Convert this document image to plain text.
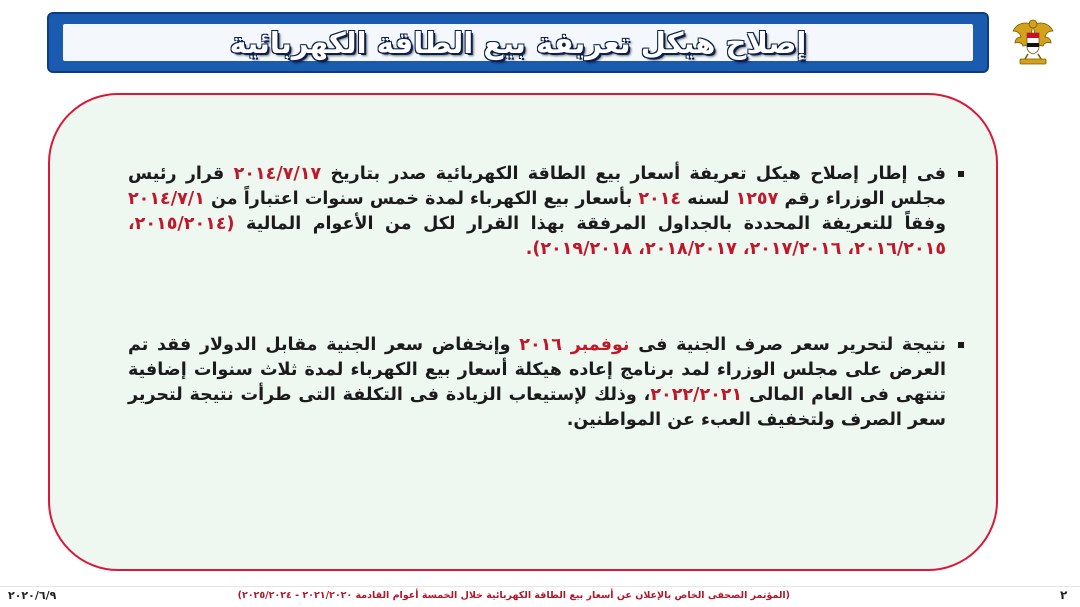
إصلاح هيكل تعريفة بيع الطاقة الكهربائية
فى إطار إصلاح هيكل تعريفة أسعار بيع الطاقة الكهربائية صدر بتاريخ ٢٠١٤/٧/١٧ قرار رئيس مجلس الوزراء رقم ١٢٥٧ لسنه ٢٠١٤ بأسعار بيع الكهرباء لمدة خمس سنوات اعتباراً من ٢٠١٤/٧/١ وفقاً للتعريفة المحددة بالجداول المرفقة بهذا القرار لكل من الأعوام المالية (٢٠١٥/٢٠١٤، ٢٠١٦/٢٠١٥، ٢٠١٧/٢٠١٦، ٢٠١٨/٢٠١٧، ٢٠١٩/٢٠١٨).
نتيجة لتحرير سعر صرف الجنية فى نوفمبر ٢٠١٦ وإنخفاض سعر الجنية مقابل الدولار فقد تم العرض على مجلس الوزراء لمد برنامج إعاده هيكلة أسعار بيع الكهرباء لمدة ثلاث سنوات إضافية تنتهى فى العام المالى ٢٠٢٢/٢٠٢١، وذلك لإستيعاب الزيادة فى التكلفة التى طرأت نتيجة لتحرير سعر الصرف ولتخفيف العبء عن المواطنين.
٢٠٢٠/٦/٩	(المؤتمر الصحفى الخاص بالإعلان عن أسعار بيع الطاقة الكهربائية خلال الخمسة أعوام القادمة ٢٠٢١/٢٠٢٠ - ٢٠٢٥/٢٠٢٤)	٢
